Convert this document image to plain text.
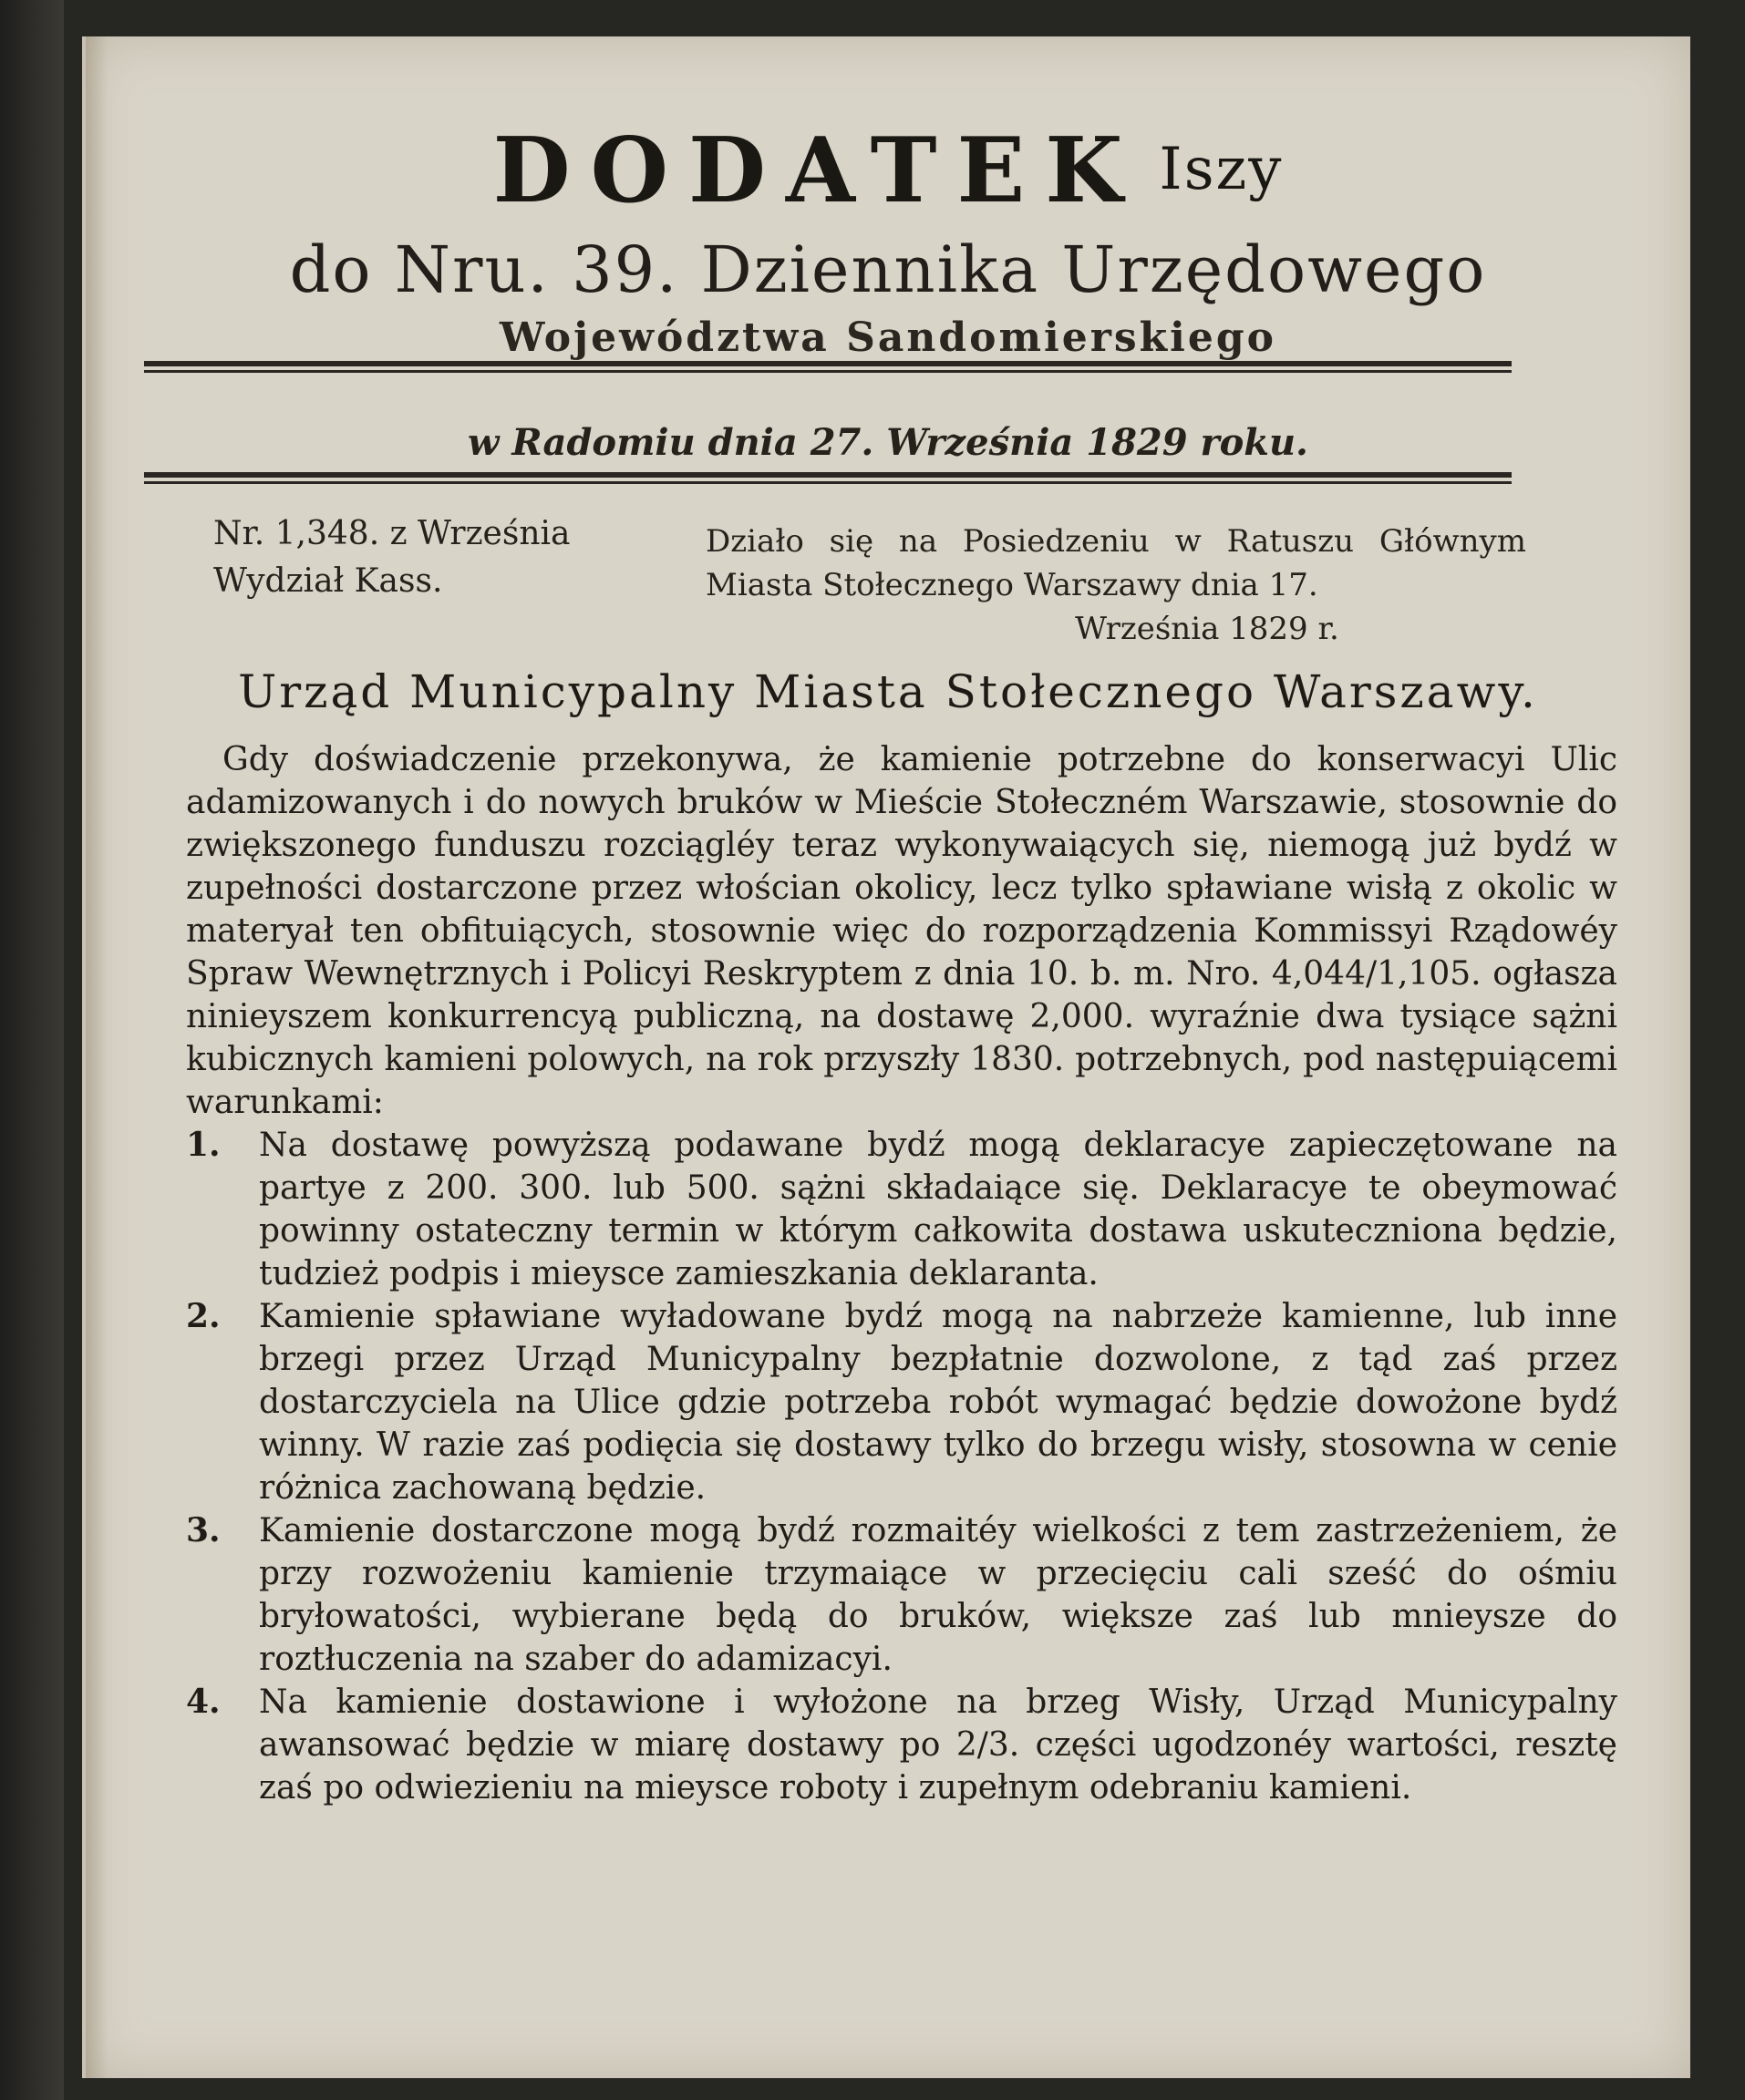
DODATEK Iszy
do Nru. 39. Dziennika Urzędowego
Województwa Sandomierskiego
w Radomiu dnia 27. Września 1829 roku.
Nr. 1,348. z Września
Wydział Kass.
Działo się na Posiedzeniu w Ratuszu Głównym Miasta Stołecznego Warszawy dnia 17.
Września 1829 r.
Urząd Municypalny Miasta Stołecznego Warszawy.

Gdy doświadczenie przekonywa, że kamienie potrzebne do konserwacyi Ulic adamizowanych i do nowych bruków w Mieście Stołeczném Warszawie, stosownie do zwiększonego funduszu rozciągléy teraz wykonywaiących się, niemogą już bydź w zupełności dostarczone przez włościan okolicy, lecz tylko spławiane wisłą z okolic w materyał ten obfituiących, stosownie więc do rozporządzenia Kommissyi Rządowéy Spraw Wewnętrznych i Policyi Reskryptem z dnia 10. b. m. Nro. 4,044/1,105. ogłasza ninieyszem konkurrencyą publiczną, na dostawę 2,000. wyraźnie dwa tysiące sążni kubicznych kamieni polowych, na rok przyszły 1830. potrzebnych, pod następuiącemi warunkami:

1. Na dostawę powyższą podawane bydź mogą deklaracye zapieczętowane na partye z 200. 300. lub 500. sążni składaiące się. Deklaracye te obeymować powinny ostateczny termin w którym całkowita dostawa uskuteczniona będzie, tudzież podpis i mieysce zamieszkania deklaranta.
2. Kamienie spławiane wyładowane bydź mogą na nabrzeże kamienne, lub inne brzegi przez Urząd Municypalny bezpłatnie dozwolone, z tąd zaś przez dostarczyciela na Ulice gdzie potrzeba robót wymagać będzie dowożone bydź winny. W razie zaś podięcia się dostawy tylko do brzegu wisły, stosowna w cenie różnica zachowaną będzie.
3. Kamienie dostarczone mogą bydź rozmaitéy wielkości z tem zastrzeżeniem, że przy rozwożeniu kamienie trzymaiące w przecięciu cali sześć do ośmiu bryłowatości, wybierane będą do bruków, większe zaś lub mnieysze do roztłuczenia na szaber do adamizacyi.
4. Na kamienie dostawione i wyłożone na brzeg Wisły, Urząd Municypalny awansować będzie w miarę dostawy po 2/3. części ugodzonéy wartości, resztę zaś po odwiezieniu na mieysce roboty i zupełnym odebraniu kamieni.
